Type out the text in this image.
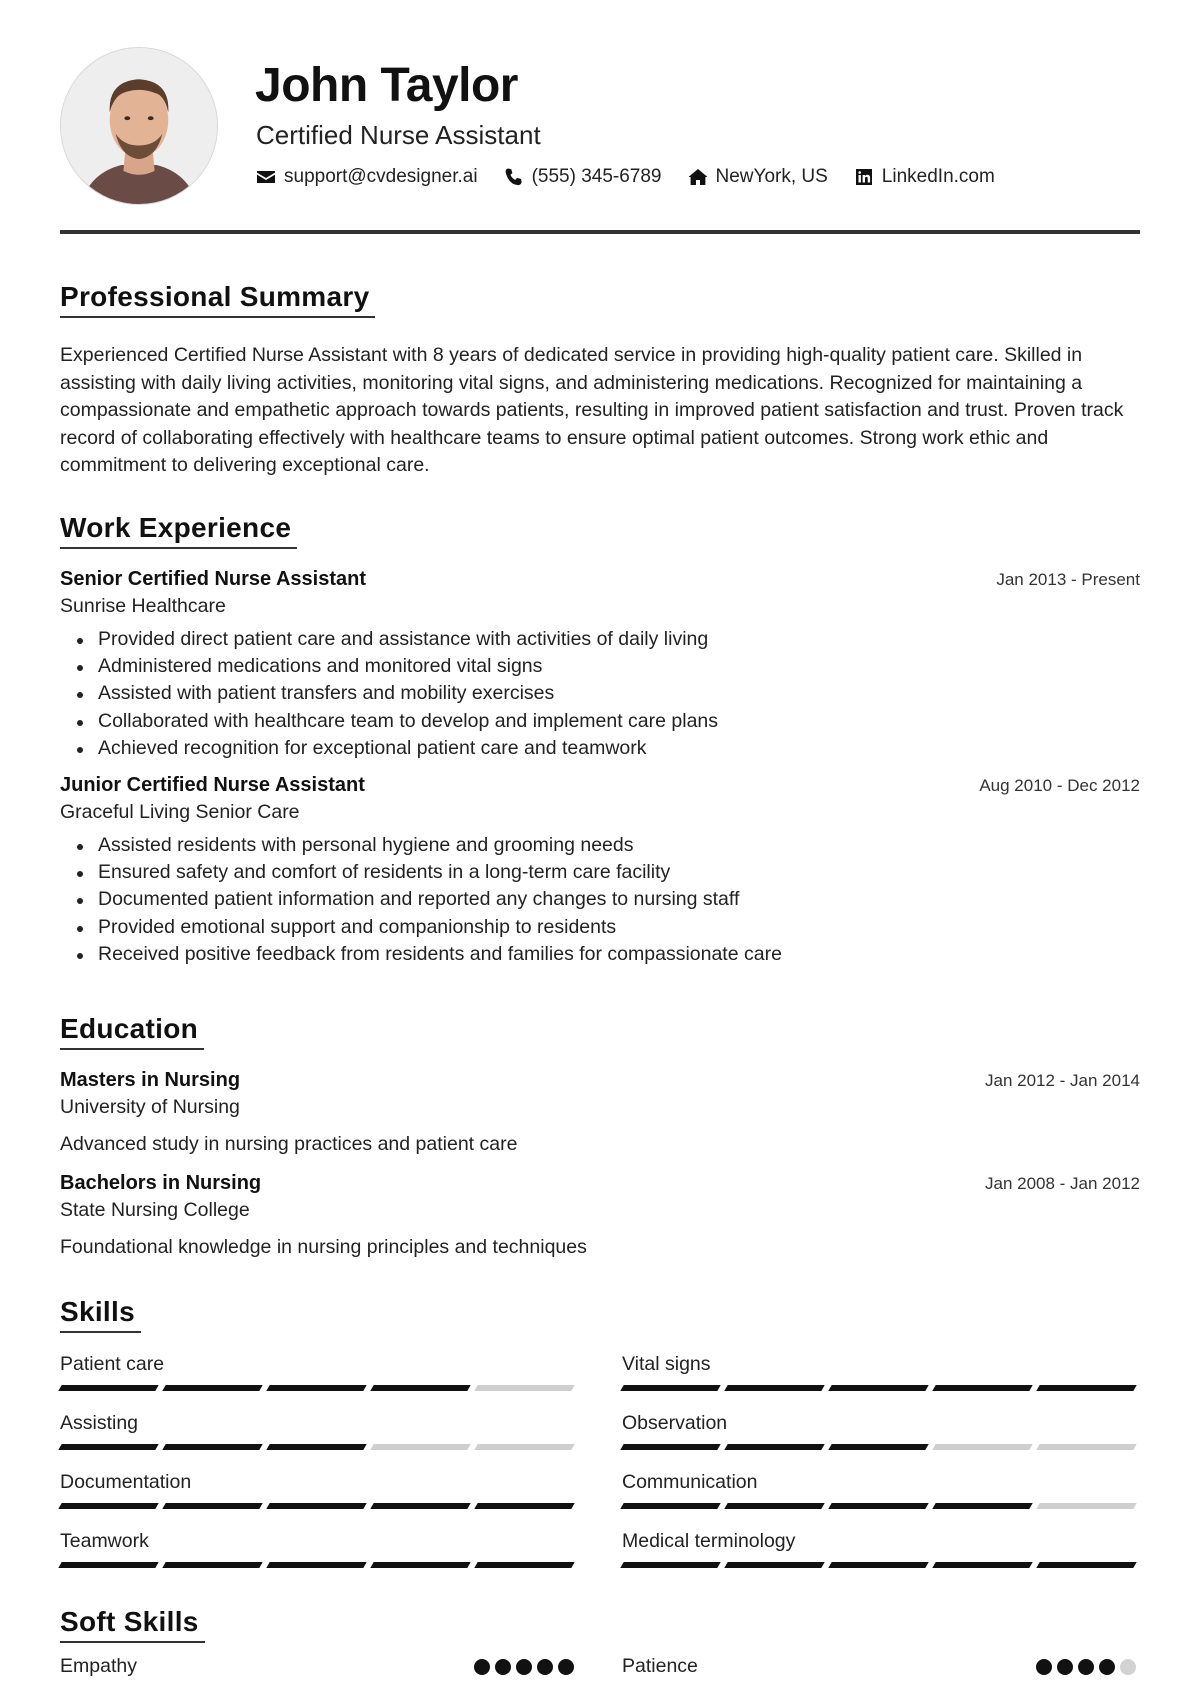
John Taylor
Certified Nurse Assistant
support@cvdesigner.ai	(555) 345-6789	NewYork, US	LinkedIn.com
Professional Summary

Experienced Certified Nurse Assistant with 8 years of dedicated service in providing high-quality patient care. Skilled in assisting with daily living activities, monitoring vital signs, and administering medications. Recognized for maintaining a compassionate and empathetic approach towards patients, resulting in improved patient satisfaction and trust. Proven track record of collaborating effectively with healthcare teams to ensure optimal patient outcomes. Strong work ethic and commitment to delivering exceptional care.

Work Experience
Senior Certified Nurse Assistant	Jan 2013 - Present
Sunrise Healthcare
Provided direct patient care and assistance with activities of daily living
Administered medications and monitored vital signs
Assisted with patient transfers and mobility exercises
Collaborated with healthcare team to develop and implement care plans
Achieved recognition for exceptional patient care and teamwork
Junior Certified Nurse Assistant	Aug 2010 - Dec 2012
Graceful Living Senior Care
Assisted residents with personal hygiene and grooming needs
Ensured safety and comfort of residents in a long-term care facility
Documented patient information and reported any changes to nursing staff
Provided emotional support and companionship to residents
Received positive feedback from residents and families for compassionate care
Education
Masters in Nursing	Jan 2012 - Jan 2014
University of Nursing
Advanced study in nursing practices and patient care
Bachelors in Nursing	Jan 2008 - Jan 2012
State Nursing College
Foundational knowledge in nursing principles and techniques
Skills
Patient care	Vital signs
Assisting	Observation
Documentation	Communication
Teamwork	Medical terminology
Soft Skills
Empathy	Patience
